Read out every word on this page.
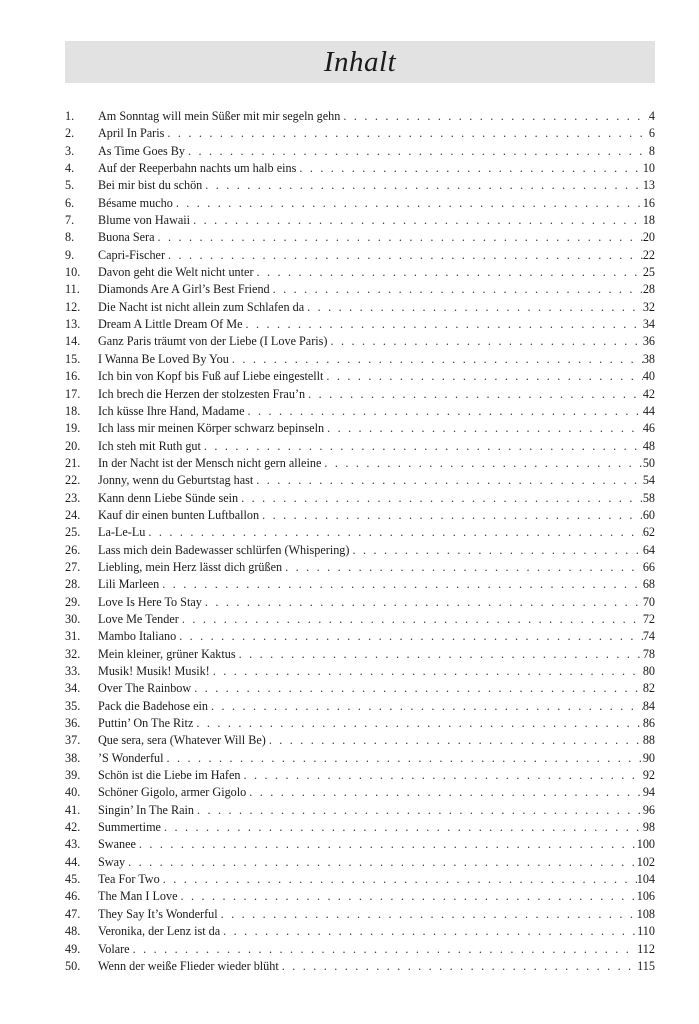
Inhalt
1.	Am Sonntag will mein Süßer mit mir segeln gehn . . .	4
2.	April In Paris . . .	6
3.	As Time Goes By . . .	8
4.	Auf der Reeperbahn nachts um halb eins . . .	10
5.	Bei mir bist du schön . . .	13
6.	Bésame mucho . . .	16
7.	Blume von Hawaii . . .	18
8.	Buona Sera . . .	20
9.	Capri-Fischer . . .	22
10.	Davon geht die Welt nicht unter . . .	25
11.	Diamonds Are A Girl’s Best Friend . . .	28
12.	Die Nacht ist nicht allein zum Schlafen da . . .	32
13.	Dream A Little Dream Of Me . . .	34
14.	Ganz Paris träumt von der Liebe (I Love Paris) . . .	36
15.	I Wanna Be Loved By You . . .	38
16.	Ich bin von Kopf bis Fuß auf Liebe eingestellt . . .	40
17.	Ich brech die Herzen der stolzesten Frau’n . . .	42
18.	Ich küsse Ihre Hand, Madame . . .	44
19.	Ich lass mir meinen Körper schwarz bepinseln . . .	46
20.	Ich steh mit Ruth gut . . .	48
21.	In der Nacht ist der Mensch nicht gern alleine . . .	50
22.	Jonny, wenn du Geburtstag hast . . .	54
23.	Kann denn Liebe Sünde sein . . .	58
24.	Kauf dir einen bunten Luftballon . . .	60
25.	La-Le-Lu . . .	62
26.	Lass mich dein Badewasser schlürfen (Whispering) . . .	64
27.	Liebling, mein Herz lässt dich grüßen . . .	66
28.	Lili Marleen . . .	68
29.	Love Is Here To Stay . . .	70
30.	Love Me Tender . . .	72
31.	Mambo Italiano . . .	74
32.	Mein kleiner, grüner Kaktus . . .	78
33.	Musik! Musik! Musik! . . .	80
34.	Over The Rainbow . . .	82
35.	Pack die Badehose ein . . .	84
36.	Puttin’ On The Ritz . . .	86
37.	Que sera, sera (Whatever Will Be) . . .	88
38.	’S Wonderful . . .	90
39.	Schön ist die Liebe im Hafen . . .	92
40.	Schöner Gigolo, armer Gigolo . . .	94
41.	Singin’ In The Rain . . .	96
42.	Summertime . . .	98
43.	Swanee . . .	100
44.	Sway . . .	102
45.	Tea For Two . . .	104
46.	The Man I Love . . .	106
47.	They Say It’s Wonderful . . .	108
48.	Veronika, der Lenz ist da . . .	110
49.	Volare . . .	112
50.	Wenn der weiße Flieder wieder blüht . . .	115
